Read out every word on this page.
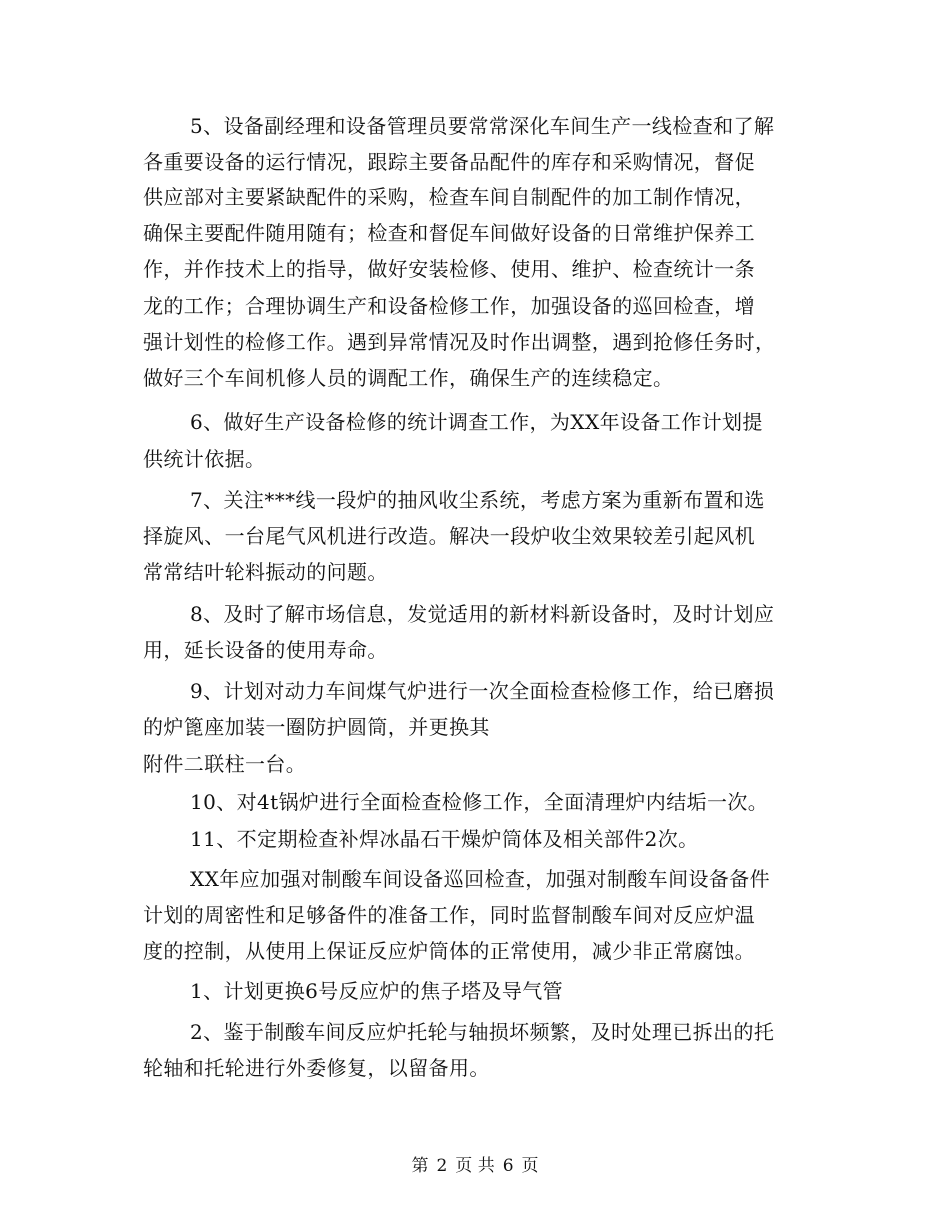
5、设备副经理和设备管理员要常常深化车间生产一线检查和了解
各重要设备的运行情况，跟踪主要备品配件的库存和采购情况，督促
供应部对主要紧缺配件的采购，检查车间自制配件的加工制作情况，
确保主要配件随用随有；检查和督促车间做好设备的日常维护保养工
作，并作技术上的指导，做好安装检修、使用、维护、检查统计一条
龙的工作；合理协调生产和设备检修工作，加强设备的巡回检查，增
强计划性的检修工作。遇到异常情况及时作出调整，遇到抢修任务时，
做好三个车间机修人员的调配工作，确保生产的连续稳定。
6、做好生产设备检修的统计调查工作，为XX年设备工作计划提
供统计依据。
7、关注***线一段炉的抽风收尘系统，考虑方案为重新布置和选
择旋风、一台尾气风机进行改造。解决一段炉收尘效果较差引起风机
常常结叶轮料振动的问题。
8、及时了解市场信息，发觉适用的新材料新设备时，及时计划应
用，延长设备的使用寿命。
9、计划对动力车间煤气炉进行一次全面检查检修工作，给已磨损
的炉篦座加装一圈防护圆筒，并更换其
附件二联柱一台。
10、对4t锅炉进行全面检查检修工作，全面清理炉内结垢一次。
11、不定期检查补焊冰晶石干燥炉筒体及相关部件2次。
XX年应加强对制酸车间设备巡回检查，加强对制酸车间设备备件
计划的周密性和足够备件的准备工作，同时监督制酸车间对反应炉温
度的控制，从使用上保证反应炉筒体的正常使用，减少非正常腐蚀。
1、计划更换6号反应炉的焦子塔及导气管
2、鉴于制酸车间反应炉托轮与轴损坏频繁，及时处理已拆出的托
轮轴和托轮进行外委修复，以留备用。
第 2 页 共 6 页
